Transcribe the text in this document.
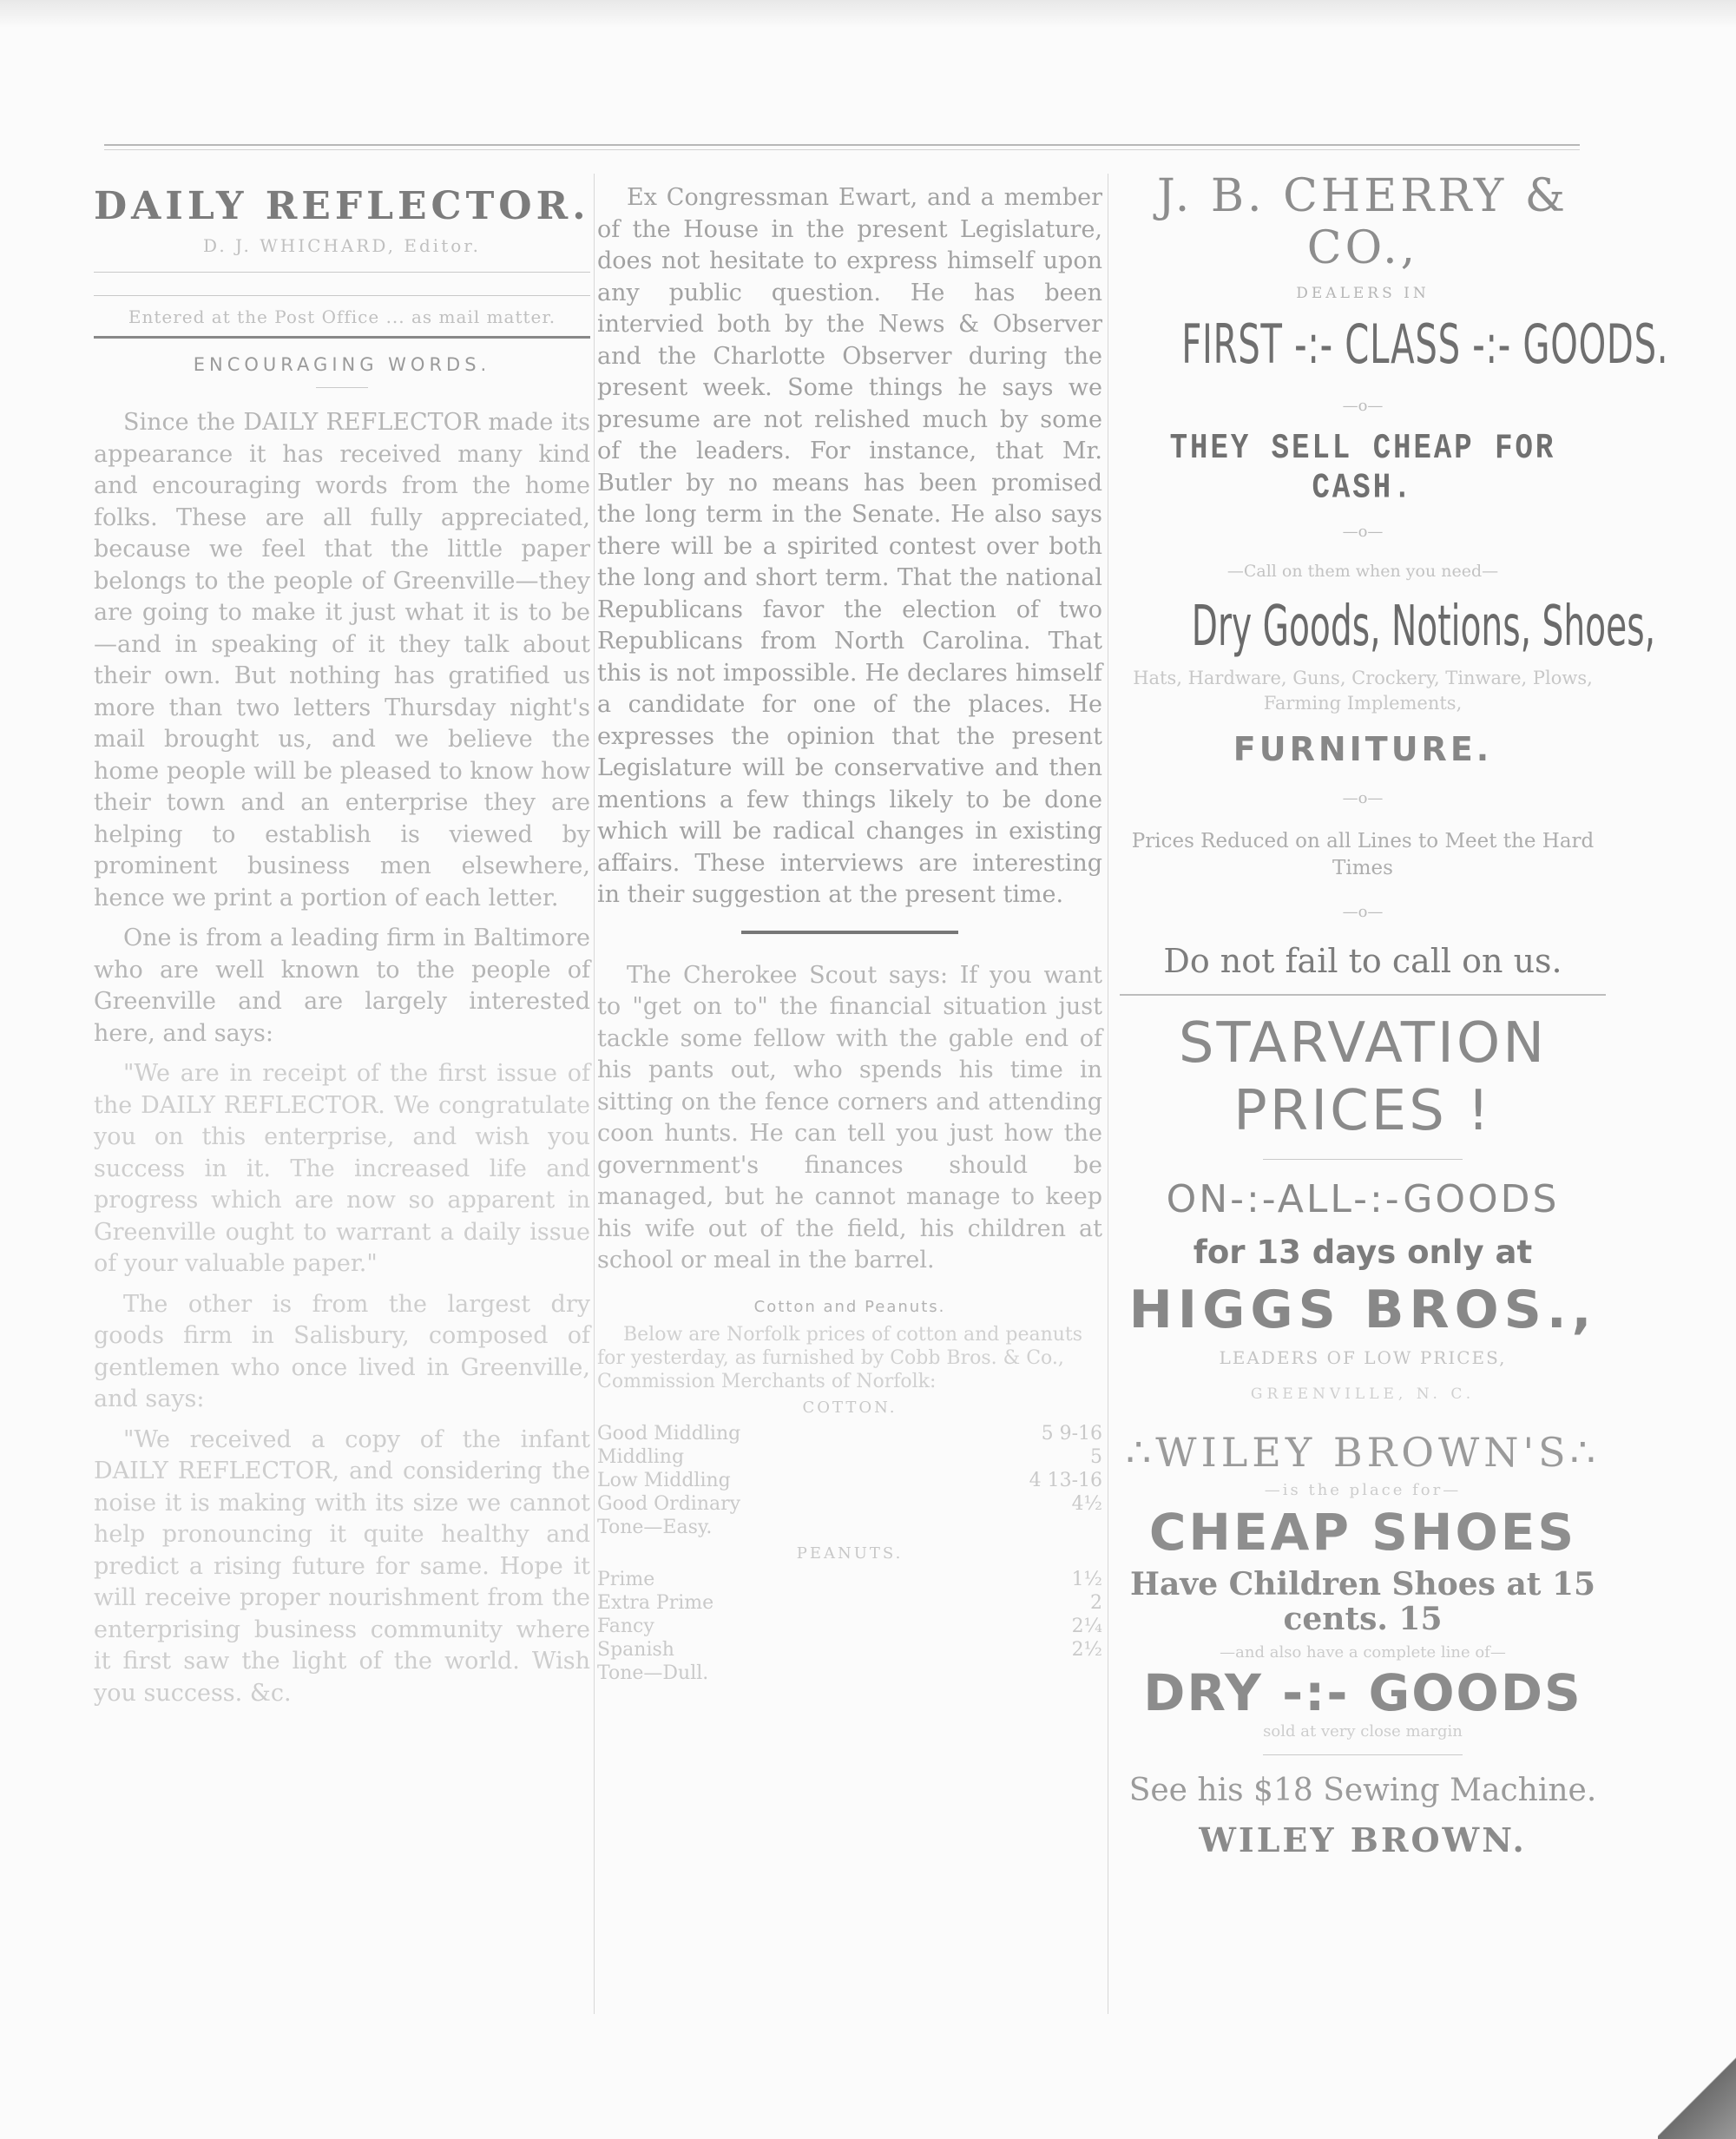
DAILY REFLECTOR.
D. J. WHICHARD, Editor.
Entered at the Post Office ... as mail matter.
ENCOURAGING WORDS.

Since the DAILY REFLECTOR made its appearance it has received many kind and encouraging words from the home folks. These are all fully appreciated, because we feel that the little paper belongs to the people of Greenville—they are going to make it just what it is to be—and in speaking of it they talk about their own. But nothing has gratified us more than two letters Thursday night's mail brought us, and we believe the home people will be pleased to know how their town and an enterprise they are helping to establish is viewed by prominent business men elsewhere, hence we print a portion of each letter.

One is from a leading firm in Baltimore who are well known to the people of Greenville and are largely interested here, and says:

"We are in receipt of the first issue of the DAILY REFLECTOR. We congratulate you on this enterprise, and wish you success in it. The increased life and progress which are now so apparent in Greenville ought to warrant a daily issue of your valuable paper."

The other is from the largest dry goods firm in Salisbury, composed of gentlemen who once lived in Greenville, and says:

"We received a copy of the infant DAILY REFLECTOR, and considering the noise it is making with its size we cannot help pronouncing it quite healthy and predict a rising future for same. Hope it will receive proper nourishment from the enterprising business community where it first saw the light of the world. Wish you success. &c.

Ex Congressman Ewart, and a member of the House in the present Legislature, does not hesitate to express himself upon any public question. He has been intervied both by the News & Observer and the Charlotte Observer during the present week. Some things he says we presume are not relished much by some of the leaders. For instance, that Mr. Butler by no means has been promised the long term in the Senate. He also says there will be a spirited contest over both the long and short term. That the national Republicans favor the election of two Republicans from North Carolina. That this is not impossible. He declares himself a candidate for one of the places. He expresses the opinion that the present Legislature will be conservative and then mentions a few things likely to be done which will be radical changes in existing affairs. These interviews are interesting in their suggestion at the present time.

The Cherokee Scout says: If you want to "get on to" the financial situation just tackle some fellow with the gable end of his pants out, who spends his time in sitting on the fence corners and attending coon hunts. He can tell you just how the government's finances should be managed, but he cannot manage to keep his wife out of the field, his children at school or meal in the barrel.

Cotton and Peanuts.

Below are Norfolk prices of cotton and peanuts for yesterday, as furnished by Cobb Bros. & Co., Commission Merchants of Norfolk:

COTTON.
Good Middling	5 9-16
Middling	5
Low Middling	4 13-16
Good Ordinary	4½
Tone—Easy.
PEANUTS.
Prime	1½
Extra Prime	2
Fancy	2¼
Spanish	2½
Tone—Dull.
J. B. CHERRY & CO.,
DEALERS IN
FIRST -:- CLASS -:- GOODS.
—o—
THEY SELL CHEAP FOR CASH.
—o—
—Call on them when you need—
Dry Goods, Notions, Shoes,
Hats, Hardware, Guns, Crockery, Tinware, Plows, Farming Implements,
FURNITURE.
—o—
Prices Reduced on all Lines to Meet the Hard Times
—o—
Do not fail to call on us.
STARVATION
PRICES !
ON-:-ALL-:-GOODS
for 13 days only at
HIGGS BROS.,
LEADERS OF LOW PRICES,
GREENVILLE, N. C.
∴WILEY BROWN'S∴
—is the place for—
CHEAP SHOES
Have Children Shoes at 15 cents. 15
—and also have a complete line of—
DRY -:- GOODS
sold at very close margin
See his $18 Sewing Machine.
WILEY BROWN.
